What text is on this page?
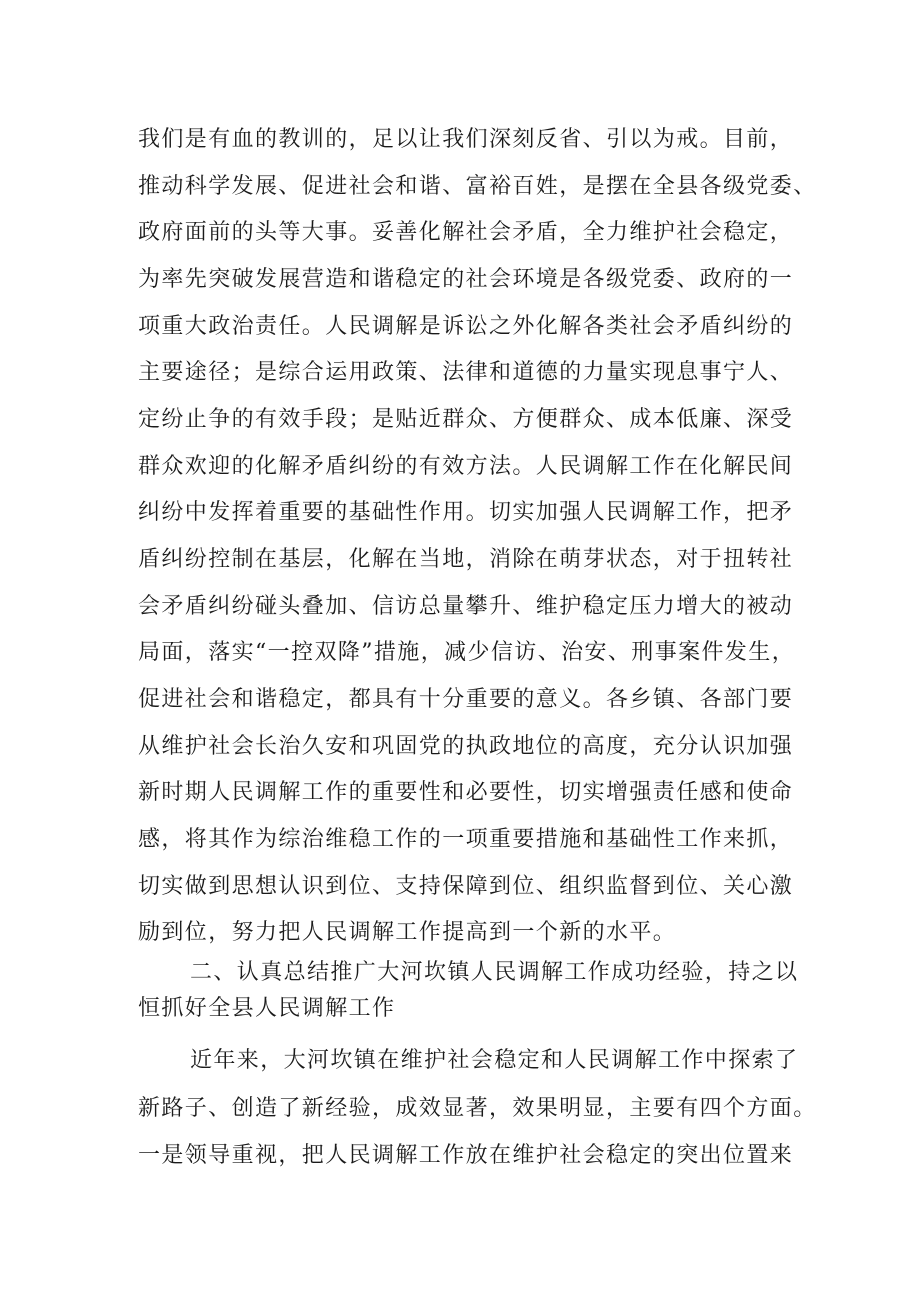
我们是有血的教训的，足以让我们深刻反省、引以为戒。目前，

推动科学发展、促进社会和谐、富裕百姓，是摆在全县各级党委、

政府面前的头等大事。妥善化解社会矛盾，全力维护社会稳定，

为率先突破发展营造和谐稳定的社会环境是各级党委、政府的一

项重大政治责任。人民调解是诉讼之外化解各类社会矛盾纠纷的

主要途径；是综合运用政策、法律和道德的力量实现息事宁人、

定纷止争的有效手段；是贴近群众、方便群众、成本低廉、深受

群众欢迎的化解矛盾纠纷的有效方法。人民调解工作在化解民间

纠纷中发挥着重要的基础性作用。切实加强人民调解工作，把矛

盾纠纷控制在基层，化解在当地，消除在萌芽状态，对于扭转社

会矛盾纠纷碰头叠加、信访总量攀升、维护稳定压力增大的被动

局面，落实“一控双降”措施，减少信访、治安、刑事案件发生，

促进社会和谐稳定，都具有十分重要的意义。各乡镇、各部门要

从维护社会长治久安和巩固党的执政地位的高度，充分认识加强

新时期人民调解工作的重要性和必要性，切实增强责任感和使命

感，将其作为综治维稳工作的一项重要措施和基础性工作来抓，

切实做到思想认识到位、支持保障到位、组织监督到位、关心激

励到位，努力把人民调解工作提高到一个新的水平。

二、认真总结推广大河坎镇人民调解工作成功经验，持之以

恒抓好全县人民调解工作

近年来，大河坎镇在维护社会稳定和人民调解工作中探索了

新路子、创造了新经验，成效显著，效果明显，主要有四个方面。

一是领导重视，把人民调解工作放在维护社会稳定的突出位置来
